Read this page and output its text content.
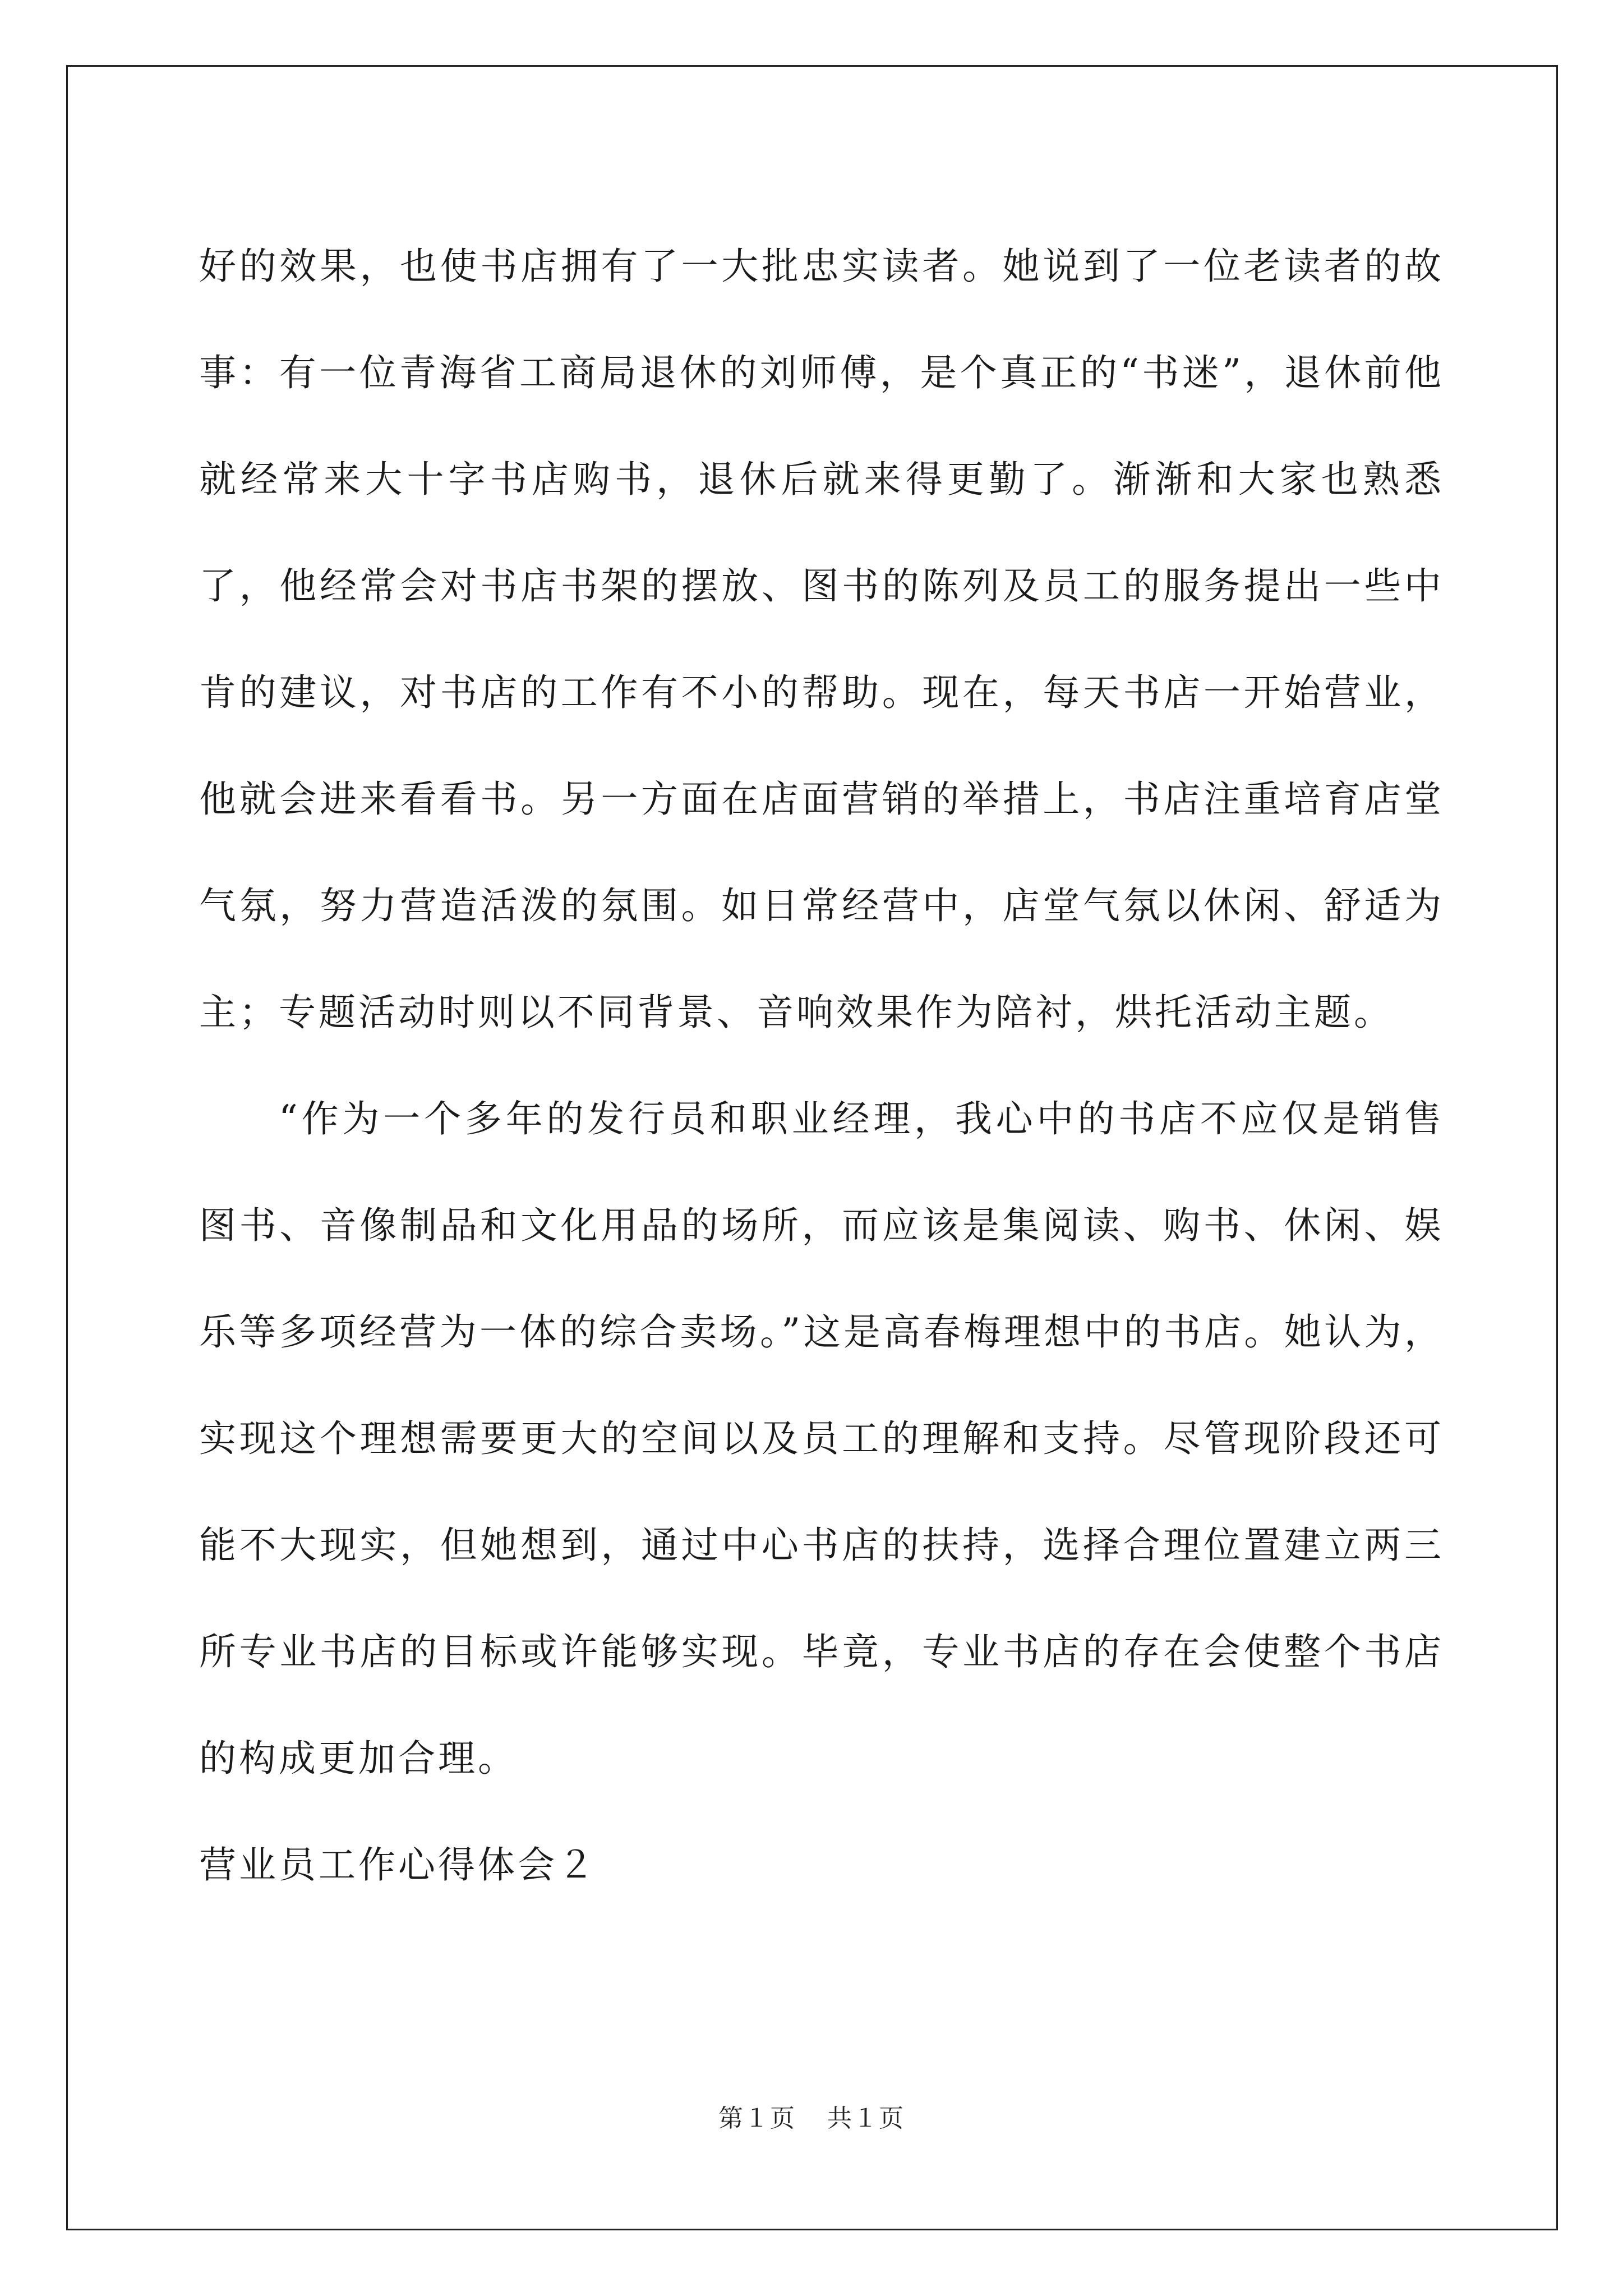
好的效果，也使书店拥有了一大批忠实读者。她说到了一位老读者的故事：有一位青海省工商局退休的刘师傅，是个真正的“书迷”，退休前他就经常来大十字书店购书，退休后就来得更勤了。渐渐和大家也熟悉了，他经常会对书店书架的摆放、图书的陈列及员工的服务提出一些中肯的建议，对书店的工作有不小的帮助。现在，每天书店一开始营业，他就会进来看看书。另一方面在店面营销的举措上，书店注重培育店堂气氛，努力营造活泼的氛围。如日常经营中，店堂气氛以休闲、舒适为主；专题活动时则以不同背景、音响效果作为陪衬，烘托活动主题。

“作为一个多年的发行员和职业经理，我心中的书店不应仅是销售图书、音像制品和文化用品的场所，而应该是集阅读、购书、休闲、娱乐等多项经营为一体的综合卖场。”这是高春梅理想中的书店。她认为，实现这个理想需要更大的空间以及员工的理解和支持。尽管现阶段还可能不大现实，但她想到，通过中心书店的扶持，选择合理位置建立两三所专业书店的目标或许能够实现。毕竟，专业书店的存在会使整个书店的构成更加合理。

营业员工作心得体会２
第１页 共１页
